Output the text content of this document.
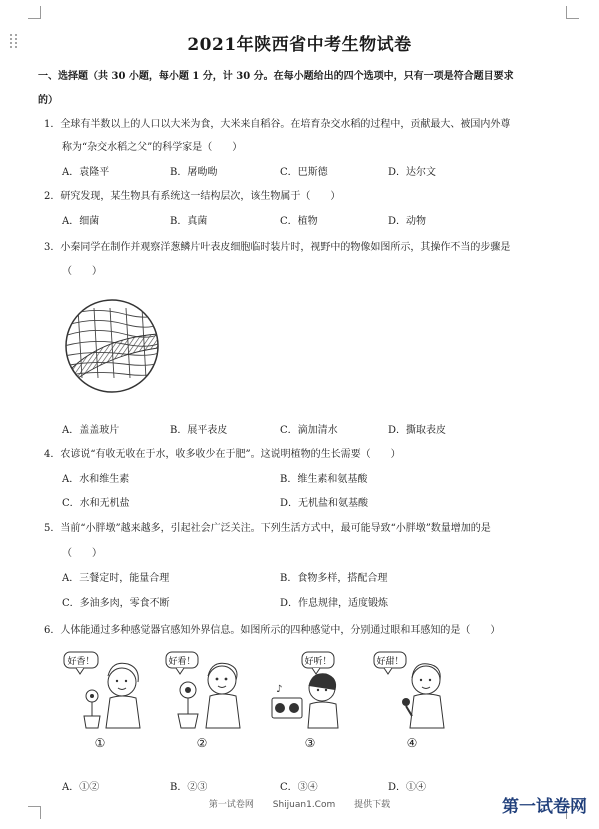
2021年陕西省中考生物试卷
一、选择题（共 30 小题，每小题 1 分，计 30 分。在每小题给出的四个选项中，只有一项是符合题目要求
的）
1．全球有半数以上的人口以大米为食，大米来自稻谷。在培育杂交水稻的过程中，贡献最大、被国内外尊
称为“杂交水稻之父”的科学家是（　　）
A．袁隆平	B．屠呦呦	C．巴斯德	D．达尔文
2．研究发现，某生物具有系统这一结构层次，该生物属于（　　）
A．细菌	B．真菌	C．植物	D．动物
3．小秦同学在制作并观察洋葱鳞片叶表皮细胞临时装片时，视野中的物像如图所示，其操作不当的步骤是
（　　）
A．盖盖玻片	B．展平表皮	C．滴加清水	D．撕取表皮
4．农谚说“有收无收在于水，收多收少在于肥”。这说明植物的生长需要（　　）
A．水和维生素	B．维生素和氨基酸
C．水和无机盐	D．无机盐和氨基酸
5．当前“小胖墩”越来越多，引起社会广泛关注。下列生活方式中，最可能导致“小胖墩”数量增加的是
（　　）
A．三餐定时，能量合理	B．食物多样，搭配合理
C．多油多肉，零食不断	D．作息规律，适度锻炼
6．人体能通过多种感觉器官感知外界信息。如图所示的四种感觉中，分别通过眼和耳感知的是（　　）
好香！	好看！	好听！
♪
好甜！
①	②	③	④
A．①②	B．②③	C．③④	D．①④
第一试卷网 Shijuan1.Com 提供下载	第一试卷网
